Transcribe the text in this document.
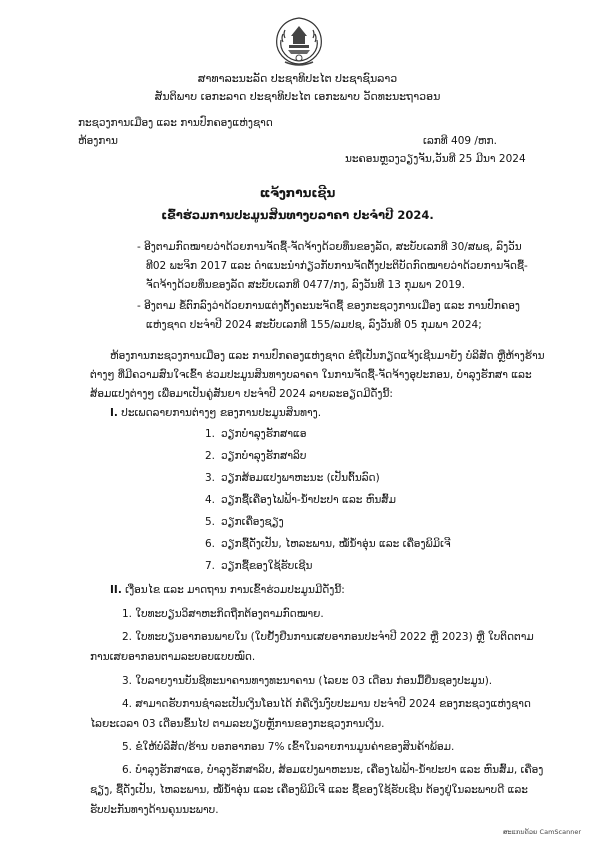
ສາທາລະນະລັດ ປະຊາທິປະໄຕ ປະຊາຊົນລາວ
ສັນຕິພາບ ເອກະລາດ ປະຊາທິປະໄຕ ເອກະພາບ ວັດທະນະຖາວອນ
ກະຊວງການເມືອງ ແລະ ການປົກຄອງແຫ່ງຊາດ
ຫ້ອງການ	ເລກທີ 409 /ຫກ.
ນະຄອນຫຼວງວຽງຈັນ,ວັນທີ 25 ມີນາ 2024
ແຈ້ງການເຊີນ
ເຂົ້າຮ່ວມການປະມູນສິນທາງບລາຄາ ປະຈຳປີ 2024.
- ອີງຕາມກົດໝາຍວ່າດ້ວຍການຈັດຊື້-ຈັດຈ້າງດ້ວຍທຶນຂອງລັດ, ສະບັບເລກທີ 30/ສພຊ, ລົງວັນ
ທີ02 ພະຈິກ 2017 ແລະ ດຳແນະນຳກ່ຽວກັບການຈັດຕັ້ງປະຕິບັດກົດໝາຍວ່າດ້ວຍການຈັດຊື້-
ຈັດຈ້າງດ້ວຍທຶນຂອງລັດ ສະບັບເລກທີ 0477/ກງ, ລົງວັນທີ 13 ກຸມພາ 2019.
- ອີງຕາມ ຂໍ້ຕົກລົງວ່າດ້ວຍການແຕ່ງຕັ້ງຄະນະຈັດຊື້ ຂອງກະຊວງການເມືອງ ແລະ ການປົກຄອງ
ແຫ່ງຊາດ ປະຈຳປີ 2024 ສະບັບເລກທີ 155/ລມປຊ, ລົງວັນທີ 05 ກຸມພາ 2024;
ຫ້ອງການກະຊວງການເມືອງ ແລະ ການປົກຄອງແຫ່ງຊາດ ຂໍຖືເປັນກຽດແຈ້ງເຊີນມາຍັງ ບໍລິສັດ ຫຼືຫ້າງຮ້ານ
ຕ່າງໆ ທີ່ມີຄວາມສົນໃຈເຂົ້າ ຮ່ວມປະມູນສິນທາງບລາຄາ ໃນການຈັດຊື້-ຈັດຈ້າງອຸປະກອນ, ບຳລຸງຮັກສາ ແລະ
ສ້ອມແປງຕ່າງໆ ເພື່ອມາເປັນຄູ່ສັນຍາ ປະຈຳປີ 2024 ລາຍລະອຽດມີດັ່ງນີ້:
I. ປະເພດລາຍການຕ່າງໆ ຂອງການປະມູນສິນທາງ.
1. ວຽກບຳລຸງຮັກສາແອ
2. ວຽກບຳລຸງຮັກສາລິບ
3. ວຽກສ້ອມແປງພາຫະນະ (ເປັນຕົ້ນລົດ)
4. ວຽກຊື້ເຄື່ອງໄຟຟ້າ-ນ້ຳປະປາ ແລະ ຫົນສົ້ມ
5. ວຽກເຄື່ອງຊຽງ
6. ວຽກຊື້ດັ່ງເປັນ, ໄຫລະພານ, ໝໍ້ນ້ຳອຸ່ນ ແລະ ເຄື່ອງພິມິເຈີ
7. ວຽກຊື້ຂອງໃຊ້ຮັບເຊີນ
II. ເງື່ອນໄຂ ແລະ ມາດຖານ ການເຂົ້າຮ່ວມປະມູນມີດັ່ງນີ້:
1. ໃບທະບຽນວິສາຫະກິດຖືກຕ້ອງຕາມກົດໝາຍ.
2. ໃບທະບຽນອາກອນພາຍໃນ (ໃບຢັ້ງຢືນການເສຍອາກອນປະຈຳປີ 2022 ຫຼື 2023) ຫຼື ໃບຕິດຕາມ
ການເສຍອາກອນຕາມລະບອບແບບໝົດ.
3. ໃບລາຍງານບັນຊີທະນາຄານທາງທະນາຄານ (ໄລຍະ 03 ເດືອນ ກ່ອນມື້ຍື່ນຊອງປະມູນ).
4. ສາມາດຮັບການຊຳລະເປັນເງິນໂອນໄດ້ ກໍຄືເງິນງົບປະມານ ປະຈຳປີ 2024 ຂອງກະຊວງແຫ່ງຊາດ
ໄລຍະເວລາ 03 ເດືອນຂຶ້ນໄປ ຕາມລະບຽບຫຼັການຂອງກະຊວງການເງິນ.
5. ຂໍໃຫ້ບໍລິສັດ/ຮ້ານ ບອກອາກອນ 7% ເຂົ້າໃນລາຍການມູນຄ່າຂອງສິນຄ້າພ້ອມ.
6. ບຳລຸງຮັກສາແອ, ບຳລຸງຮັກສາລິບ, ສ້ອມແປງພາຫະນະ, ເຄື່ອງໄຟຟ້າ-ນ້ຳປະປາ ແລະ ຫົນສົ້ມ, ເຄື່ອງ
ຊຽງ, ຊື້ດັ່ງເປັນ, ໄຫລະພານ, ໝໍ້ນ້ຳອຸ່ນ ແລະ ເຄື່ອງພິມິເຈີ ແລະ ຊື້ຂອງໃຊ້ຮັບເຊີນ ຕ້ອງຢູ່ໃນລະພາບດີ ແລະ
ຮັບປະກັນທາງດ້ານຄຸນນະພາບ.
ສະແກນດ້ວຍ CamScanner
